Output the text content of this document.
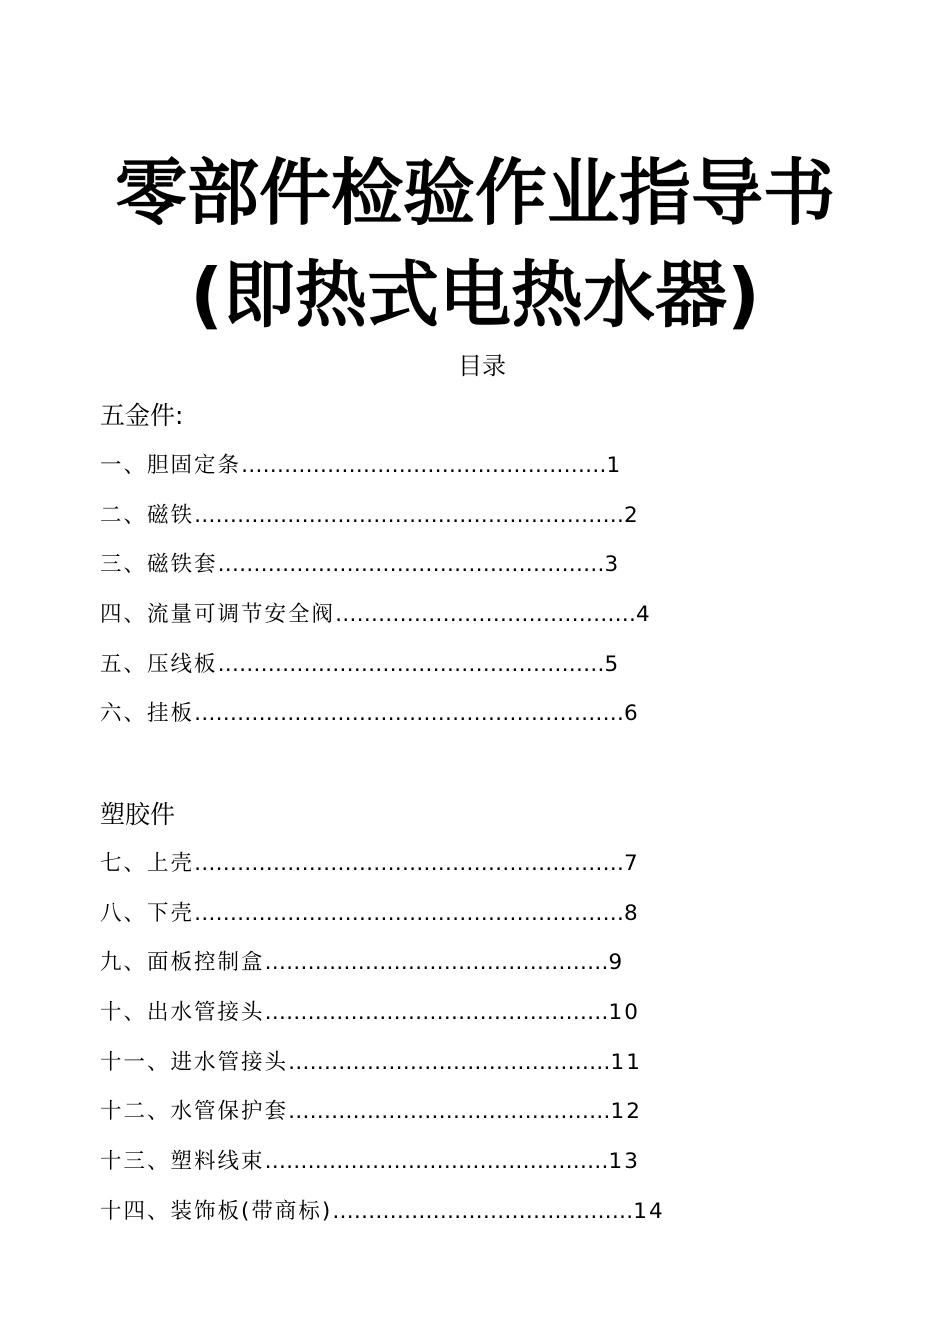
零部件检验作业指导书
(即热式电热水器)
目录
五金件:
一、胆固定条……………………………………………1
二、磁铁……………………………………………………2
三、磁铁套………………………………………………3
四、流量可调节安全阀……………………………………4
五、压线板………………………………………………5
六、挂板……………………………………………………6
塑胶件
七、上壳……………………………………………………7
八、下壳……………………………………………………8
九、面板控制盒…………………………………………9
十、出水管接头…………………………………………10
十一、进水管接头………………………………………11
十二、水管保护套………………………………………12
十三、塑料线束…………………………………………13
十四、装饰板(带商标)……………………………………14
